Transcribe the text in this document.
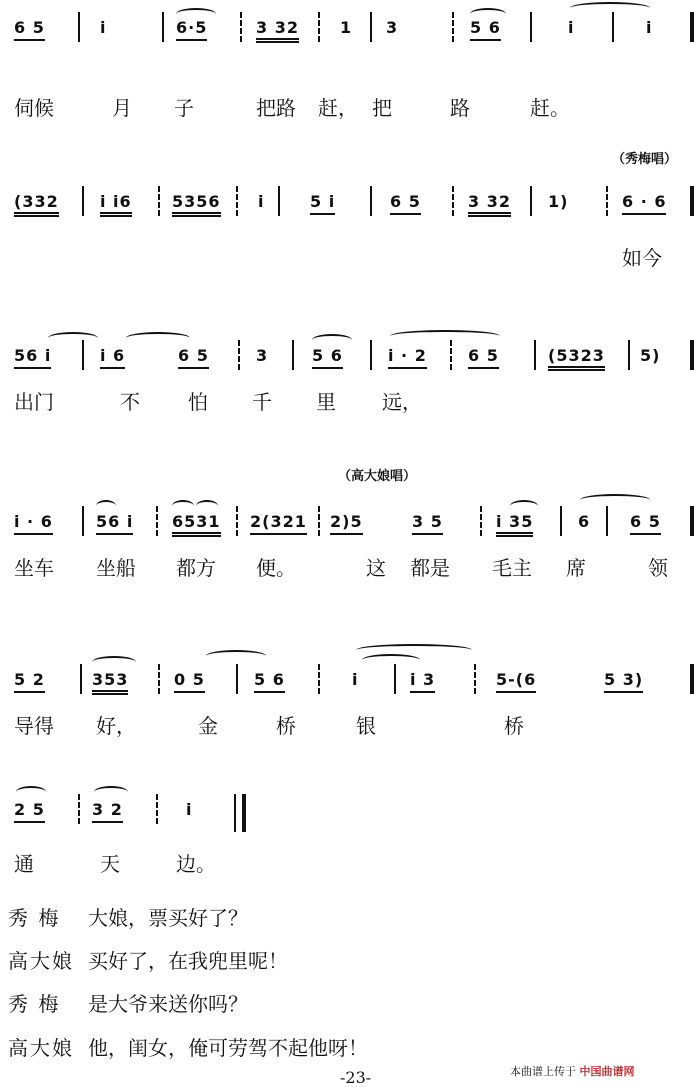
6 5	i	6·5	3 32	1 3	5 6	i	i
伺候	月 子	把路 赶， 把	路	赶。
（秀梅唱）
(332	i i6	5356 i	5 i	6 5	3 32 1)	6 · 6
如今
56 i	i 6	6 5	3	5 6	i · 2	6 5	(5323 5)
出门	不 怕 千 里 远，
（高大娘唱）
i · 6	56 i 6531 2(321 2)5	3 5	i 35	6 6 5
坐车 坐船 都方 便。	这 都是 毛主 席	领
5 2	353	0 5	5 6	i	i 3	5-(6	5 3)
导得 好，	金	桥	银	桥
2 5	3 2	i
通	天	边。
秀 梅 大娘，票买好了？
高大娘 买好了，在我兜里呢！
秀 梅 是大爷来送你吗？
高大娘 他，闺女，俺可劳驾不起他呀！
本曲谱上传于 中国曲谱网
-23-
